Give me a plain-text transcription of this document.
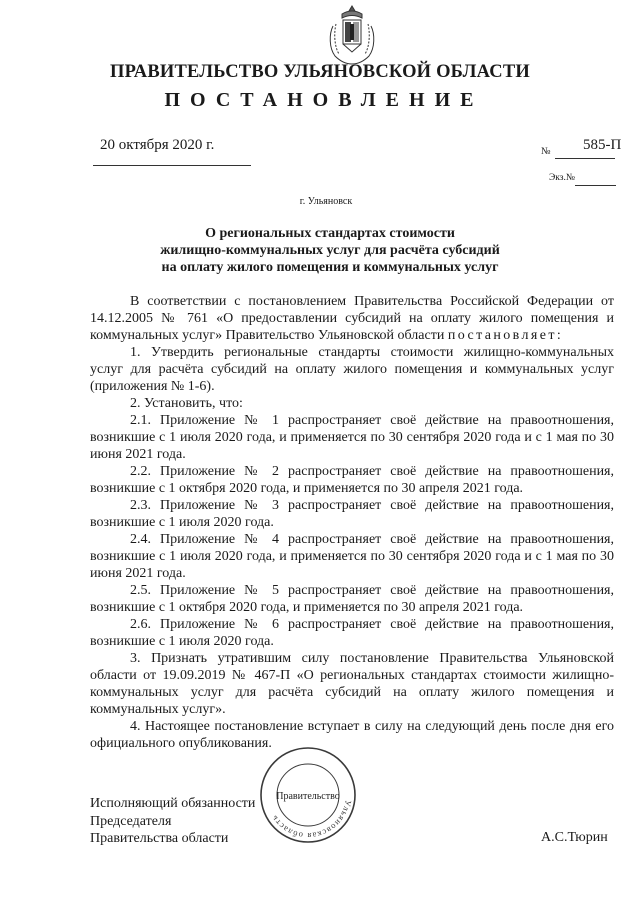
ПРАВИТЕЛЬСТВО УЛЬЯНОВСКОЙ ОБЛАСТИ
ПОСТАНОВЛЕНИЕ
20 октября 2020 г.	№ 585-П
Экз.№
г. Ульяновск
О региональных стандартах стоимости
жилищно-коммунальных услуг для расчёта субсидий
на оплату жилого помещения и коммунальных услуг

В соответствии с постановлением Правительства Российской Федерации от 14.12.2005 № 761 «О предоставлении субсидий на оплату жилого помещения и коммунальных услуг» Правительство Ульяновской области постановляет:

1. Утвердить региональные стандарты стоимости жилищно-коммунальных услуг для расчёта субсидий на оплату жилого помещения и коммунальных услуг (приложения № 1-6).

2. Установить, что:

2.1. Приложение № 1 распространяет своё действие на правоотношения, возникшие с 1 июля 2020 года, и применяется по 30 сентября 2020 года и с 1 мая по 30 июня 2021 года.

2.2. Приложение № 2 распространяет своё действие на правоотношения, возникшие с 1 октября 2020 года, и применяется по 30 апреля 2021 года.

2.3. Приложение № 3 распространяет своё действие на правоотношения, возникшие с 1 июля 2020 года.

2.4. Приложение № 4 распространяет своё действие на правоотношения, возникшие с 1 июля 2020 года, и применяется по 30 сентября 2020 года и с 1 мая по 30 июня 2021 года.

2.5. Приложение № 5 распространяет своё действие на правоотношения, возникшие с 1 октября 2020 года, и применяется по 30 апреля 2021 года.

2.6. Приложение № 6 распространяет своё действие на правоотношения, возникшие с 1 июля 2020 года.

3. Признать утратившим силу постановление Правительства Ульяновской области от 19.09.2019 № 467-П «О региональных стандартах стоимости жилищно-коммунальных услуг для расчёта субсидий на оплату жилого помещения и коммунальных услуг».

4. Настоящее постановление вступает в силу на следующий день после дня его официального опубликования.

Исполняющий обязанности
Председателя
Правительства области	А.С.Тюрин
Ульяновская область
Правительство
